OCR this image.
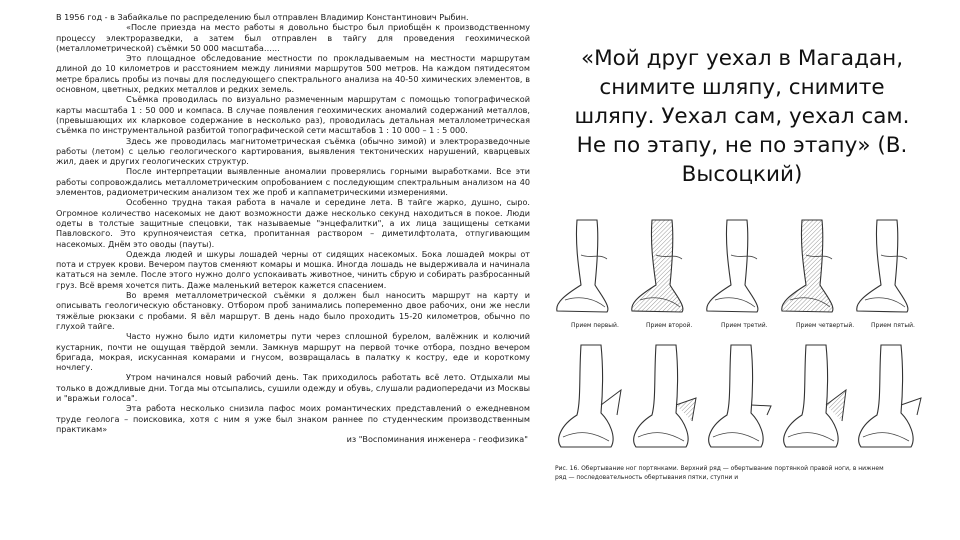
В 1956 год - в Забайкалье по распределению был отправлен Владимир Константинович Рыбин.

«После приезда на место работы я довольно быстро был приобщён к производственному процессу электроразведки, а затем был отправлен в тайгу для проведения геохимической (металлометрической) съёмки 50 000 масштаба…...

Это площадное обследование местности по прокладываемым на местности маршрутам длиной до 10 километров и расстоянием между линиями маршрутов 500 метров. На каждом пятидесятом метре брались пробы из почвы для последующего спектрального анализа на 40-50 химических элементов, в основном, цветных, редких металлов и редких земель.

Съёмка проводилась по визуально размеченным маршрутам с помощью топографической карты масштаба 1 : 50 000 и компаса. В случае появления геохимических аномалий содержаний металлов, (превышающих их кларковое содержание в несколько раз), проводилась детальная металлометрическая съёмка по инструментальной разбитой топографической сети масштабов 1 : 10 000 – 1 : 5 000.

Здесь же проводилась магнитометрическая съёмка (обычно зимой) и электроразведочные работы (летом) с целью геологического картирования, выявления тектонических нарушений, кварцевых жил, даек и других геологических структур.

После интерпретации выявленные аномалии проверялись горными выработками. Все эти работы сопровождались металлометрическим опробованием с последующим спектральным анализом на 40 элементов, радиометрическим анализом тех же проб и каппаметрическими измерениями.

Особенно трудна такая работа в начале и середине лета. В тайге жарко, душно, сыро. Огромное количество насекомых не дают возможности даже несколько секунд находиться в покое. Люди одеты в толстые защитные спецовки, так называемые "энцефалитки", а их лица защищены сетками Павловского. Это крупноячеистая сетка, пропитанная раствором – диметилфтолата, отпугивающим насекомых. Днём это оводы (пауты).

Одежда людей и шкуры лошадей черны от сидящих насекомых. Бока лошадей мокры от пота и струек крови. Вечером паутов сменяют комары и мошка. Иногда лошадь не выдерживала и начинала кататься на земле. После этого нужно долго успокаивать животное, чинить сбрую и собирать разбросанный груз. Всё время хочется пить. Даже маленький ветерок кажется спасением.

Во время металлометрической съёмки я должен был наносить маршрут на карту и описывать геологическую обстановку. Отбором проб занимались попеременно двое рабочих, они же несли тяжёлые рюкзаки с пробами. Я вёл маршрут. В день надо было проходить 15-20 километров, обычно по глухой тайге.

Часто нужно было идти километры пути через сплошной бурелом, валёжник и колючий кустарник, почти не ощущая твёрдой земли. Замкнув маршрут на первой точке отбора, поздно вечером бригада, мокрая, искусанная комарами и гнусом, возвращалась в палатку к костру, еде и короткому ночлегу.

Утром начинался новый рабочий день. Так приходилось работать всё лето. Отдыхали мы только в дождливые дни. Тогда мы отсыпались, сушили одежду и обувь, слушали радиопередачи из Москвы и "вражьи голоса".

Эта работа несколько снизила пафос моих романтических представлений о ежедневном труде геолога – поисковика, хотя с ним я уже был знаком раннее по студенческим производственным практикам»

из "Воспоминания инженера - геофизика"

«Мой друг уехал в Магадан, снимите шляпу, снимите шляпу. Уехал сам, уехал сам. Не по этапу, не по этапу» (В. Высоцкий)
Прием первый.	Прием второй.	Прием третий.	Прием четвертый.	Прием пятый.
Рис. 16. Обертывание ног портянками. Верхний ряд — обертывание портянкой правой ноги, в нижнем
ряд — последовательность обертывания пятки, ступни и
